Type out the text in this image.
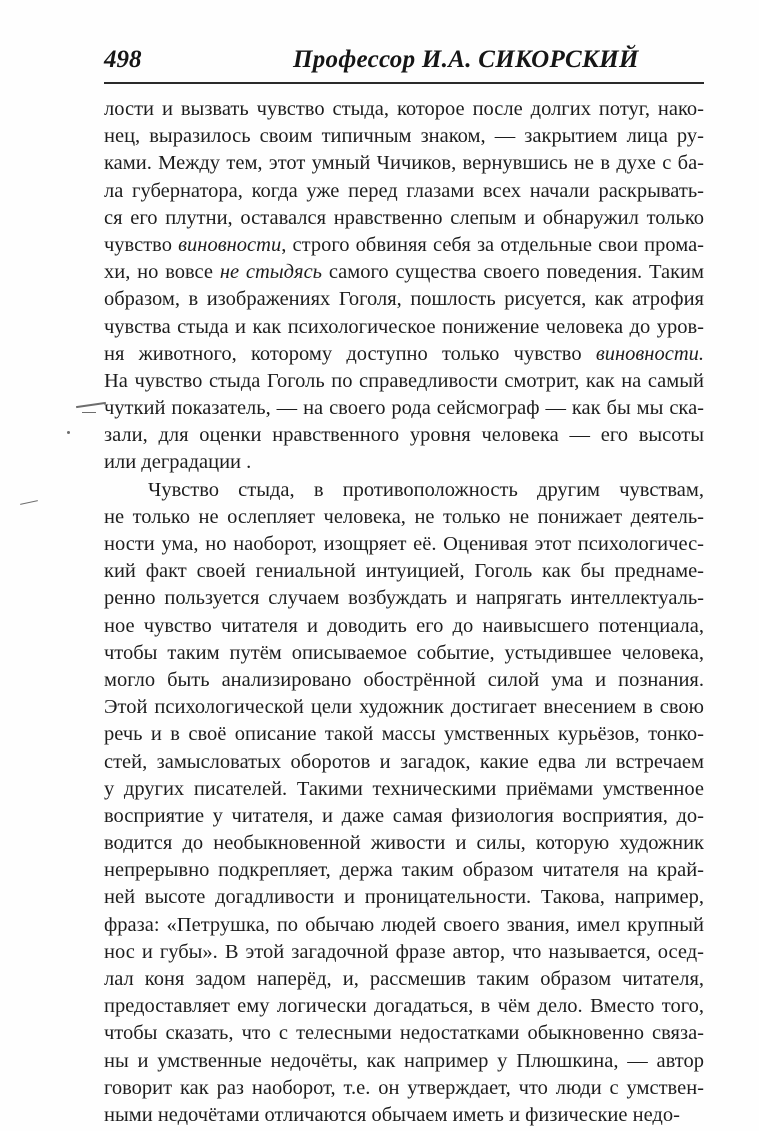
498	Профессор И.А. СИКОРСКИЙ
лости и вызвать чувство стыда, которое после долгих потуг, нако-
нец, выразилось своим типичным знаком, — закрытием лица ру-
ками. Между тем, этот умный Чичиков, вернувшись не в духе с ба-
ла губернатора, когда уже перед глазами всех начали раскрывать-
ся его плутни, оставался нравственно слепым и обнаружил только
чувство виновности, строго обвиняя себя за отдельные свои прома-
хи, но вовсе не стыдясь самого существа своего поведения. Таким
образом, в изображениях Гоголя, пошлость рисуется, как атрофия
чувства стыда и как психологическое понижение человека до уров-
ня животного, которому доступно только чувство виновности.
На чувство стыда Гоголь по справедливости смотрит, как на самый
чуткий показатель, — на своего рода сейсмограф — как бы мы ска-
зали, для оценки нравственного уровня человека — его высоты
или деградации .
Чувство стыда, в противоположность другим чувствам,
не только не ослепляет человека, не только не понижает деятель-
ности ума, но наоборот, изощряет её. Оценивая этот психологичес-
кий факт своей гениальной интуицией, Гоголь как бы преднаме-
ренно пользуется случаем возбуждать и напрягать интеллектуаль-
ное чувство читателя и доводить его до наивысшего потенциала,
чтобы таким путём описываемое событие, устыдившее человека,
могло быть анализировано обострённой силой ума и познания.
Этой психологической цели художник достигает внесением в свою
речь и в своё описание такой массы умственных курьёзов, тонко-
стей, замысловатых оборотов и загадок, какие едва ли встречаем
у других писателей. Такими техническими приёмами умственное
восприятие у читателя, и даже самая физиология восприятия, до-
водится до необыкновенной живости и силы, которую художник
непрерывно подкрепляет, держа таким образом читателя на край-
ней высоте догадливости и проницательности. Такова, например,
фраза: «Петрушка, по обычаю людей своего звания, имел крупный
нос и губы». В этой загадочной фразе автор, что называется, осед-
лал коня задом наперёд, и, рассмешив таким образом читателя,
предоставляет ему логически догадаться, в чём дело. Вместо того,
чтобы сказать, что с телесными недостатками обыкновенно связа-
ны и умственные недочёты, как например у Плюшкина, — автор
говорит как раз наоборот, т.е. он утверждает, что люди с умствен-
ными недочётами отличаются обычаем иметь и физические недо-
